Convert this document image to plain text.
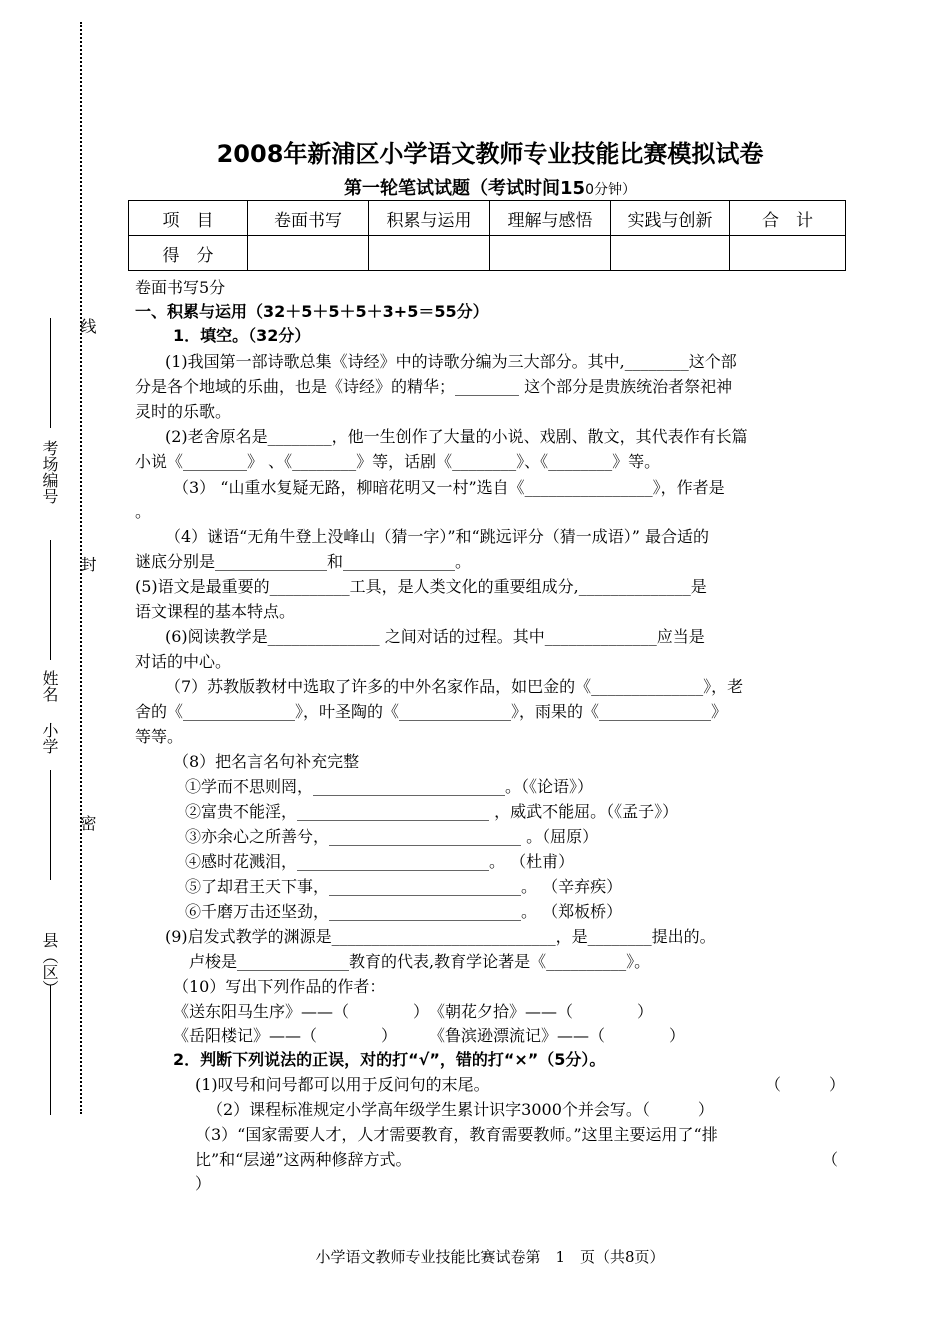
考场编号
姓名
小学
县（区）
线
封
密
2008年新浦区小学语文教师专业技能比赛模拟试卷
第一轮笔试试题（考试时间150分钟）
项　目	卷面书写	积累与运用	理解与感悟	实践与创新	合　计
得　分					
卷面书写5分
一、积累与运用（32＋5＋5＋5＋3+5＝55分）
1．填空。（32分）
(1)我国第一部诗歌总集《诗经》中的诗歌分编为三大部分。其中,________这个部
分是各个地域的乐曲，也是《诗经》的精华；________ 这个部分是贵族统治者祭祀神
灵时的乐歌。
(2)老舍原名是________，他一生创作了大量的小说、戏剧、散文，其代表作有长篇
小说《________》 、《________》等，话剧《________》、《________》等。
（3） “山重水复疑无路，柳暗花明又一村”选自《________________》，作者是
。
（4）谜语“无角牛登上没峰山（猜一字）”和“跳远评分（猜一成语）” 最合适的
谜底分别是______________和______________。
(5)语文是最重要的__________工具，是人类文化的重要组成分,______________是
语文课程的基本特点。
(6)阅读教学是______________ 之间对话的过程。其中______________应当是
对话的中心。
（7）苏教版教材中选取了许多的中外名家作品，如巴金的《______________》，老
舍的《______________》，叶圣陶的《______________》，雨果的《______________》
等等。
（8）把名言名句补充完整
①学而不思则罔，________________________。（《论语》）
②富贵不能淫，________________________ ，威武不能屈。（《孟子》）
③亦余心之所善兮，________________________ 。（屈原）
④感时花溅泪，________________________。 （杜甫）
⑤了却君王天下事，________________________。 （辛弃疾）
⑥千磨万击还坚劲，________________________。 （郑板桥）
(9)启发式教学的渊源是____________________________，是________提出的。
卢梭是______________教育的代表,教育学论著是《__________》。
（10）写出下列作品的作者：
《送东阳马生序》——（　　　　）　《朝花夕拾》——（　　　　）
《岳阳楼记》——（　　　　）　　　《鲁滨逊漂流记》——（　　　　）
2．判断下列说法的正误，对的打“√”，错的打“×”（5分）。
(1)叹号和问号都可以用于反问句的末尾。	（　　　）
（2）课程标准规定小学高年级学生累计识字3000个并会写。（　　　）
（3）“国家需要人才，人才需要教育，教育需要教师。”这里主要运用了“排
比”和“层递”这两种修辞方式。	（
）
小学语文教师专业技能比赛试卷第　1　页（共8页）
